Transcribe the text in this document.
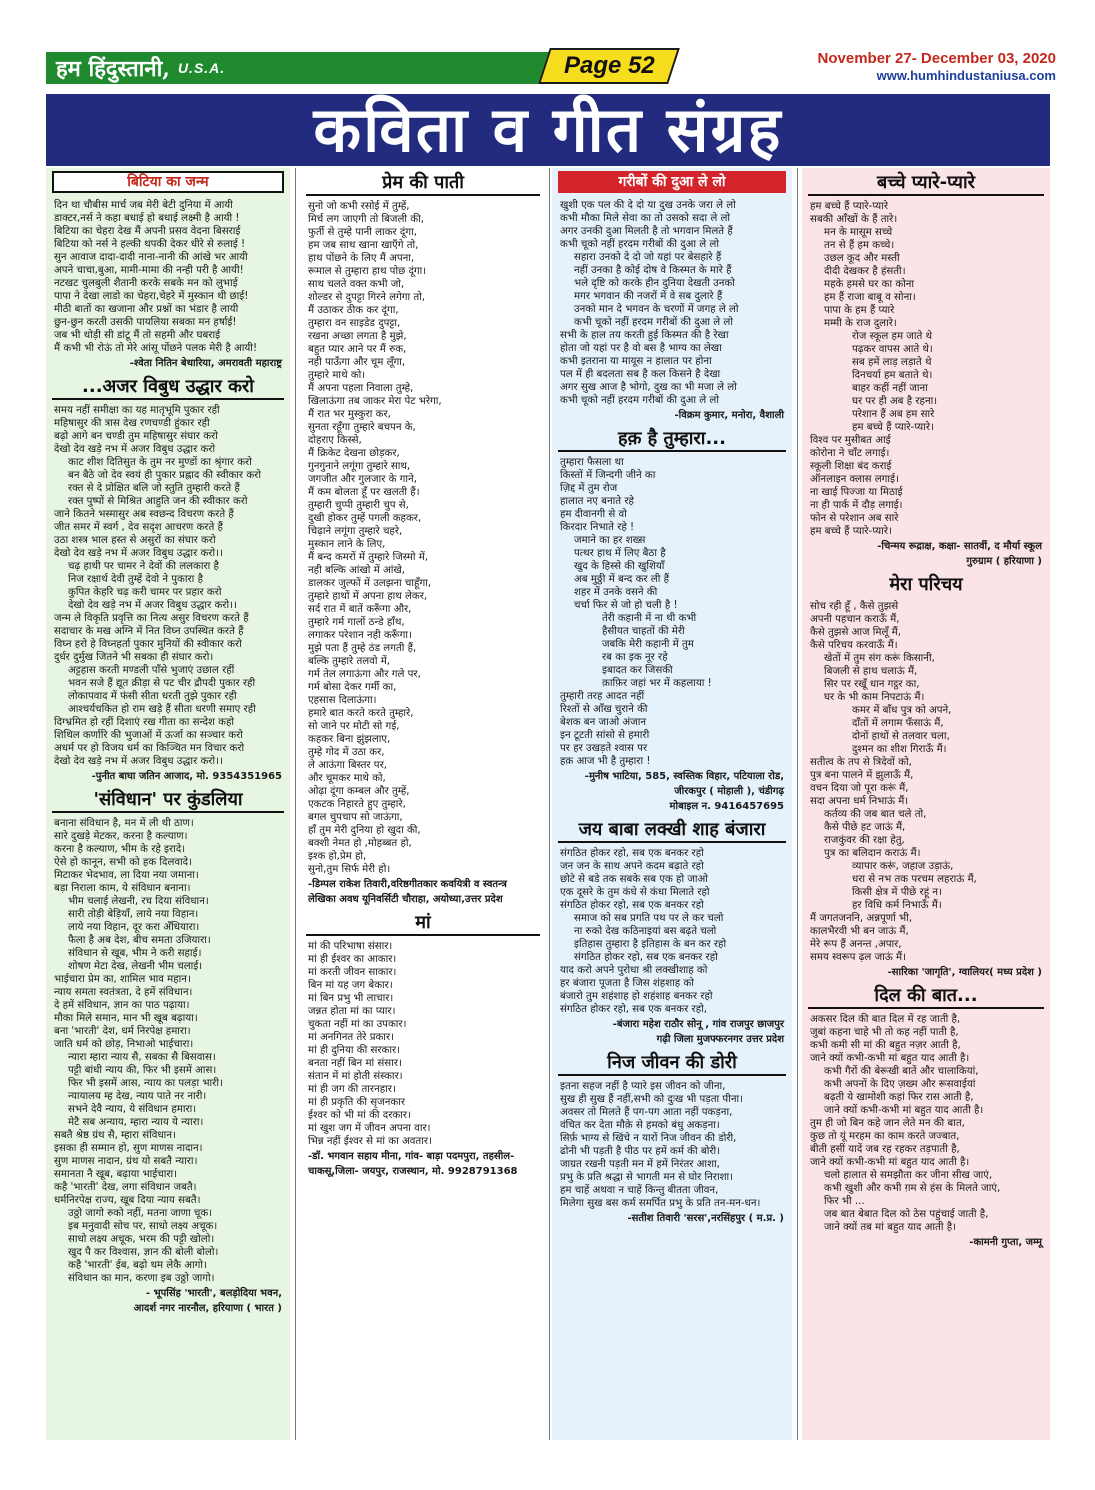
हम हिंदुस्तानी, U.S.A.	Page 52	November 27- December 03, 2020
www.humhindustaniusa.com
कविता व गीत संग्रह
बिटिया का जन्म
दिन था चौबीस मार्च जब मेरी बेटी दुनिया में आयी
डाक्टर,नर्स ने कहा बधाई हो बधाई लक्ष्मी है आयी !
बिटिया का चेहरा देख मैं अपनी प्रसव वेदना बिसराई
बिटिया को नर्स ने हल्की थपकी देकर धीरे से रुलाई !
सुन आवाज दादा-दादी नाना-नानी की आंखे भर आयी
अपने चाचा,बुआ, मामी-मामा की नन्ही परी है आयी!
नटखट चुलबुली शैतानी करके सबके मन को लुभाई
पापा ने देखा लाडो का चेहरा,चेहरे में मुस्कान थी छाई!
मीठी बातों का खजाना और प्रश्नों का भंडार है लायी
छुन-छुन करती उसकी पायलिया सबका मन हर्षाई!
जब भी थोड़ी सी डांटू मैं तो सहमी और घबराई
मैं कभी भी रोऊं तो मेरे आंसू पोंछने पलक मेरी है आयी!
-श्वेता नितिन बेथारिया, अमरावती महाराष्ट्र
...अजर विबुध उद्धार करो
समय नहीं समीक्षा का यह मातृभूमि पुकार रही
महिषासुर की त्रास देख रणचण्डी हुंकार रही
बढ़ो आगे बन चण्डी तुम महिषासुर संघार करो
देखो देव खड़े नभ में अजर विबुध उद्धार करो
काट शीश दितिसुत के तुम नर मुण्डों का श्रृंगार करो
बन बैठे जो देव स्वयं ही पुकार प्रह्लाद की स्वीकार करो
रक्त से दे प्रोक्षित बलि जो स्तुति तुम्हारी करते हैं
रक्त पुष्पों से मिश्रित आहुति जन की स्वीकार करो
जाने कितने भस्मासुर अब स्वछन्द विचरण करते हैं
जीत समर में स्वर्ग , देव सदृश आचरण करते हैं
उठा शस्त्र भाल हस्त से असुरों का संघार करो
देखो देव खड़े नभ में अजर विबुध उद्धार करो।।
चढ़ हाथी पर चामर ने देवों की ललकारा है
निज रक्षार्थ देवी तुम्हें देवो ने पुकारा है
कुपित केहरि चढ़ करी चामर पर प्रहार करो
देखो देव खड़े नभ में अजर विबुध उद्धार करो।।
जन्म ले विकृति प्रवृत्ति का नित्य असुर विचरण करते हैं
सदाचार के मख अग्नि में नित विघ्न उपस्थित करते हैं
विघ्न हरो हे विघ्नहर्ता पुकार मुनियों की स्वीकार करो
दुर्धर दुर्मुख जितने भी सबका ही संघार करो।
अट्टहास करती मण्डली पाँसे भुजाएं उछाल रहीं
भवन सजे हैं द्यूत क्रीड़ा से पट चीर द्रौपदी पुकार रही
लोकापवाद में फंसी सीता धरती तुझे पुकार रही
आश्चर्यचकित हो राम खड़े हैं सीता धरणी समाए रही
दिग्भ्रमित हो रहीं दिशाएं रख गीता का सन्देश कहो
शिथिल कर्णारि की भुजाओं में ऊर्जा का सञ्चार करो
अधर्म पर हो विजय धर्म का किञ्चित मन विचार करो
देखो देव खड़े नभ में अजर विबुध उद्धार करो।।
-पुनीत बाघा जतिन आजाद, मो. 9354351965
'संविधान' पर कुंडलिया
बनाना संविधान है, मन में ली थी ठाण।
सारे दुखड़े मेटकर, करना है कल्याण।
करना है कल्याण, भीम के रहे इरादे।
ऐसे हो कानून, सभी को हक दिलवादे।
मिटाकर भेदभाव, ला दिया नया जमाना।
बड़ा निराला काम, ये संविधान बनाना।
भीम चलाई लेखनी, रच दिया संविधान।
सारी तोड़ी बेड़ियाँ, लाये नया विहान।
लाये नया विहान, दूर करा अँधियारा।
फैला है अब देश, बीच समता उजियारा।
संविधान से खूब, भीम ने करी सहाई।
शोषण मेटा देख, लेखनी भीम चलाई।
भाईचारा प्रेम का, शामिल भाव महान।
न्याय समता स्वतंत्रता, दे हमें संविधान।
दे हमें संविधान, ज्ञान का पाठ पढ़ाया।
मौका मिले समान, मान भी खूब बढ़ाया।
बना 'भारती' देश, धर्म निरपेक्ष हमारा।
जाति धर्म को छोड़, निभाओ भाईचारा।
न्यारा म्हारा न्याय सै, सबका सै बिसवास।
पट्टी बांधी न्याय की, फिर भी इसमें आस।
फिर भी इसमें आस, न्याय का पलड़ा भारी।
न्यायालय म्ह देख, न्याय पाते नर नारी।
सभने देवै न्याय, ये संविधान हमारा।
मेटै सब अन्याय, म्हारा न्याय ये न्यारा।
सबतै श्रेष्ठ ग्रंथ सै, म्हारा संविधान।
इसका ही सम्मान हो, सुण माणस नादान।
सुण माणस नादान, ग्रंथ यो सबतै न्यारा।
समानता नै खूब, बढ़ाया भाईचारा।
कहै 'भारती' देख, लगा संविधान जबतै।
धर्मनिरपेक्ष राज्य, खूब दिया न्याय सबतै।
उठ्ठो जागो रुको नहीं, मतना जाणा चूक।
इब मनुवादी सोच पर, साधो लक्ष्य अचूक।
साधो लक्ष्य अचूक, भरम की पट्टी खोलो।
खुद पै कर विश्वास, ज्ञान की बोली बोलो।
कहै 'भारती' ईब, बढ़ो थम लेकै आगो।
संविधान का मान, करणा इब उठ्ठो जागो।
- भूपसिंह 'भारती', बलड़ोदिया भवन,
आदर्श नगर नारनौल, हरियाणा ( भारत )
प्रेम की पाती
सुनो जो कभी रसोई में तुम्हें,
मिर्च लग जाएगी तो बिजली की,
फुर्ती से तुम्हे पानी लाकर दूंगा,
हम जब साथ खाना खाएँगे तो,
हाथ पोंछने के लिए मैं अपना,
रूमाल से तुम्हारा हाथ पोछ दूंगा।
साथ चलते वक्त कभी जो,
शोल्डर से दुपट्टा गिरने लगेगा तो,
मैं उठाकर ठीक कर दूंगा,
तुम्हारा वन साइडेड दुपट्टा,
रखना अच्छा लगता है मुझे,
बहुत प्यार आने पर मैं रुक,
नही पाऊँगा और चूम लूँगा,
तुम्हारे माथे को।
मैं अपना पहला निवाला तुम्हे,
खिलाऊंगा तब जाकर मेरा पेट भरेगा,
मैं रात भर मुस्कुरा कर,
सुनता रहूँगा तुम्हारे बचपन के,
दोहराए किस्से,
मैं क्रिकेट देखना छोड़कर,
गुनगुनाने लगूंगा तुम्हारे साथ,
जगजीत और गुलजार के गाने,
मैं कम बोलता हूँ पर खलती हैं।
तुम्हारी चुप्पी तुम्हारी चुप से,
दुखी होकर तुम्हें पगली कहकर,
चिढ़ाने लगूंगा तुम्हारे चहरे,
मुस्कान लाने के लिए,
मैं बन्द कमरों में तुम्हारे जिस्मो में,
नही बल्कि आंखो में आंखे,
डालकर जुल्फों में उलझना चाहूँगा,
तुम्हारे हाथों में अपना हाथ लेकर,
सर्द रात में बातें करूँगा और,
तुम्हारे गर्म गालों ठन्डे हाँथ,
लगाकर परेशान नही करूँगा।
मुझे पता हैं तुम्हे ठंड लगती हैं,
बल्कि तुम्हारे तलवो में,
गर्म तेल लगाऊंगा और गले पर,
गर्म बोसा देकर गर्मी का,
एहसास दिलाऊंगा।
हमारे बात करते करते तुम्हारे,
सो जाने पर मोटी सो गई,
कहकर बिना झुंझलाए,
तुम्हे गोद में उठा कर,
ले आऊंगा बिस्तर पर,
और चूमकर माथे को,
ओढ़ा दूंगा कम्बल और तुम्हें,
एकटक निहारते हुए तुम्हारे,
बगल चुपचाप सो जाऊंगा,
हाँ तुम मेरी दुनिया हो खुदा की,
बक्शी नेमत हो ,मोहब्बत हो,
इश्क हो,प्रेम हो,
सुनो,तुम सिर्फ मेरी हो।
-डिम्पल राकेश तिवारी,वरिष्ठगीतकार कवयित्री व स्वतन्त्र
लेखिका अवध यूनिवर्सिटी चौराहा, अयोध्या,उत्तर प्रदेश
मां
मां की परिभाषा संसार।
मां ही ईश्वर का आकार।
मां करती जीवन साकार।
बिन मां यह जग बेकार।
मां बिन प्रभु भी लाचार।
जन्नत होता मां का प्यार।
चुकता नहीं मां का उपकार।
मां अनगिनत तेरे प्रकार।
मां ही दुनिया की सरकार।
बनता नहीं बिन मां संसार।
संतान में मां होती संस्कार।
मां ही जग की तारनहार।
मां ही प्रकृति की सृजनकार
ईश्वर को भी मां की दरकार।
मां खुश जग में जीवन अपना वार।
भिन्न नहीं ईश्वर से मां का अवतार।
-डॉ. भगवान सहाय मीना, गांव- बाड़ा पदमपुरा, तहसील-
चाकसू,जिला- जयपुर, राजस्थान, मो. 9928791368
गरीबों की दुआ ले लो
खुशी एक पल की दे दो या दुख उनके जरा ले लो
कभी मौका मिले सेवा का तो उसको सदा ले लो
अगर उनकी दुआ मिलती है तो भगवान मिलते हैं
कभी चूको नहीं हरदम गरीबों की दुआ ले लो
सहारा उनको दे दो जो यहां पर बेसहारे हैं
नहीं उनका है कोई दोष वे किस्मत के मारे हैं
भले दृष्टि को करके हीन दुनिया देखती उनको
मगर भगवान की नजरों में वे सब दुलारे हैं
उनको मान दे भगवन के चरणों में जगह ले लो
कभी चूको नहीं हरदम गरीबों की दुआ ले लो
सभी के हाल तय करती हुई किस्मत की है रेखा
होता जो यहां पर है वो बस है भाग्य का लेखा
कभी इतराना या मायूस न हालात पर होना
पल में ही बदलता सब है कल किसने है देखा
अगर सुख आज है भोगो, दुख का भी मजा ले लो
कभी चूको नहीं हरदम गरीबों की दुआ ले लो
-विक्रम कुमार, मनोरा, वैशाली
हक़ है तुम्हारा...
तुम्हारा फैसला था
किस्तों में जिन्दगी जीने का
ज़िद्द में तुम रोज
हालात नए बनाते रहे
हम दीवानगी से वो
किरदार निभाते रहे !
जमाने का हर शख्स
पत्थर हाथ में लिए बैठा है
खुद के हिस्से की खुशियाँ
अब मुठ्ठी में बन्द कर ली हैं
शहर में उनके वसने की
चर्चा फिर से जो हो चली है !
तेरी कहानी में ना थी कभी
हैसीयत चाहतों की मेरी
जबकि मेरी कहानी में तुम
रब का इक नूर रहे
इबादत कर जिसकी
क़ाफ़िर जहां भर में कहलाया !
तुम्हारी तरह आदत नहीं
रिश्तों से आँख चुराने की
बेशक बन जाओ अंजान
इन टूटती सांसो से हमारी
पर हर उखड़ते श्वास पर
हक़ आज भी है तुम्हारा !
-मुनीष भाटिया, 585, स्वस्तिक विहार, पटियाला रोड,
जीरकपुर ( मोहाली ), चंडीगढ़
मोबाइल न. 9416457695
जय बाबा लक्खी शाह बंजारा
संगठित होकर रहो, सब एक बनकर रहो
जन जन के साथ अपने कदम बढ़ाते रहो
छोटे से बडे तक सबके सब एक हो जाओ
एक दूसरे के तुम कंधे से कंधा मिलाते रहो
संगठित होकर रहो, सब एक बनकर रहो
समाज को सब प्रगति पथ पर ले कर चलो
ना रुको देख कठिनाइयां बस बढ़ते चलो
इतिहास तुम्हारा है इतिहास के बन कर रहो
संगठित होकर रहो, सब एक बनकर रहो
याद करो अपने पुरोधा श्री लक्खीशाह को
हर बंजारा पूजता है जिस शंहशाह को
बंजारो तुम शहंशाह हो शहंशाह बनकर रहो
संगठित होकर रहो, सब एक बनकर रहो,
-बंजारा महेश राठौर सोनू , गांव राजपुर छाजपुर
गढ़ी जिला मुजफ्फरनगर उत्तर प्रदेश
निज जीवन की डोरी
इतना सहज नहीं है प्यारे इस जीवन को जीना,
सुख ही सुख हैं नहीं,सभी को दुःख भी पड़ता पीना।
अवसर तो मिलते हैं पग-पग आता नहीं पकड़ना,
वंचित कर देता मौक़े से हमको बंधु अकड़ना।
सिर्फ़ भाग्य से खिंचे न यारों निज जीवन की डोरी,
ढोनी भी पड़ती है पीठ पर हमें कर्म की बोरी।
जाग्रत रखनी पड़ती मन में हमें निरंतर आशा,
प्रभु के प्रति श्रद्धा से भागती मन से घोर निराशा।
हम चाहें अथवा न चाहें किन्तु बीतता जीवन,
मिलेगा सुख बस कर्म समर्पित प्रभु के प्रति तन-मन-धन।
-सतीश तिवारी 'सरस',नरसिंहपुर ( म.प्र. )
बच्चे प्यारे-प्यारे
हम बच्चे हैं प्यारे-प्यारे
सबकी आँखों के हैं तारे।
मन के मासूम सच्चे
तन से हैं हम कच्चे।
उछल कूद और मस्ती
दीदी देखकर है हंसती।
महके हमसे घर का कोना
हम हैं राजा बाबू व सोना।
पापा के हम हैं प्यारे
मम्मी के राज दुलारे।
रोज स्कूल हम जाते थे
पढ़कर वापस आते थे।
सब हमें लाड़ लड़ाते थे
दिनचर्या हम बताते थे।
बाहर कहीं नहीं जाना
घर पर ही अब है रहना।
परेशान हैं अब हम सारे
हम बच्चे हैं प्यारे-प्यारे।
विश्व पर मुसीबत आई
कोरोना ने चाँट लगाई।
स्कूली शिक्षा बंद कराई
ऑनलाइन क्लास लगाई।
ना खाई पिज्जा या मिठाई
ना ही पार्क में दौड़ लगाई।
फोन से परेशान अब सारे
हम बच्चे हैं प्यारे-प्यारे।
-चिन्मय रूद्राक्ष, कक्षा- सातवीं, द मौर्या स्कूल
गुरुग्राम ( हरियाणा )
मेरा परिचय
सोच रही हूँ , कैसे तुझसे
अपनी पहचान कराऊँ मैं,
कैसे तुझसे आज मिलूँ मैं,
कैसे परिचय करवाऊँ मैं।
खेतों में तुम संग करूं किसानी,
बिजली से हाथ चलाऊं मैं,
सिर पर रखूँ धान गट्ठर का,
घर के भी काम निपटाऊं मैं।
कमर में बाँध पुत्र को अपने,
दाँतों में लगाम फँसाऊं मैं,
दोनों हाथों से तलवार चला,
दुश्मन का शीश गिराऊँ मैं।
सतीत्व के तप से त्रिदेवों को,
पुत्र बना पालने में झुलाऊँ मैं,
वचन दिया जो पूरा करूं मैं,
सदा अपना धर्म निभाऊं मैं।
कर्तव्य की जब बात चले तो,
कैसे पीछे हट जाऊं मैं,
राजकुंवर की रक्षा हेतु,
पुत्र का बलिदान कराऊं मैं।
व्यापार करूं, जहाज उड़ाऊं,
धरा से नभ तक परचम लहराऊं मैं,
किसी क्षेत्र में पीछे रहूं न।
हर विधि कर्म निभाऊँ मैं।
मैं जगतजननि, अन्नपूर्णा भी,
कालभैरवी भी बन जाऊं मैं,
मेरे रूप हैं अनन्त ,अपार,
समय स्वरूप ढ़ल जाऊं मैं।
-सारिका 'जागृति', ग्वालियर( मध्य प्रदेश )
दिल की बात...
अकसर दिल की बात दिल में रह जाती है,
जुबां कहना चाहे भी तो कह नहीं पाती है,
कभी कमी सी मां की बहुत नज़र आती है,
जाने क्यों कभी-कभी मां बहुत याद आती है।
कभी गैरों की बेरूखी बातें और चालाकियां,
कभी अपनों के दिए ज़ख्म और रूसवाईयां
बढ़ती ये खामोशी कहां फिर रास आती है,
जाने क्यों कभी-कभी मां बहुत याद आती है।
तुम ही जो बिन कहे जान लेते मन की बात,
कुछ तो यूं मरहम का काम करते जज्बात,
बीती हसीं यादें जब रह रहकर तड़पाती है,
जाने क्यों कभी-कभी मां बहुत याद आती है।
चलो हालात से समझौता कर जीना सीख जाएं,
कभी खुशी और कभी ग़म से हंस के मिलते जाएं,
फिर भी ...
जब बात बेबात दिल को ठेस पहुंचाई जाती है,
जाने क्यों तब मां बहुत याद आती है।
-कामनी गुप्ता, जम्मू
